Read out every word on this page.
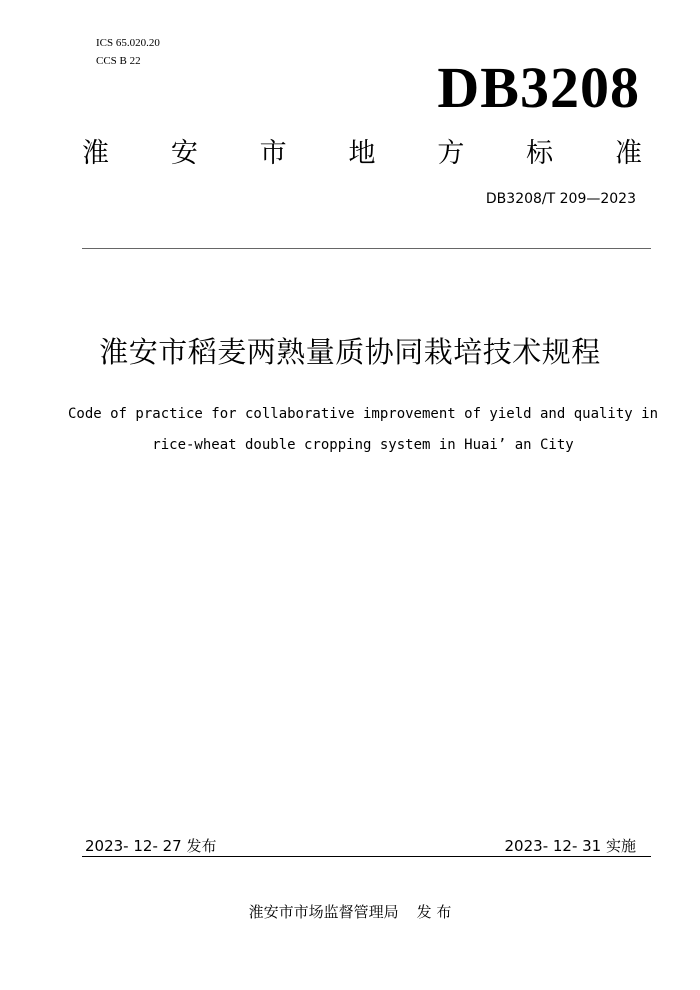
ICS 65.020.20
CCS B 22	DB3208
淮 安 市 地 方 标 准
DB3208/T 209—2023
淮安市稻麦两熟量质协同栽培技术规程
Code of practice for collaborative improvement of yield and quality in
rice-wheat double cropping system in Huai’ an City
2023- 12- 27 发布	2023- 12- 31 实施
淮安市市场监督管理局 发 布
